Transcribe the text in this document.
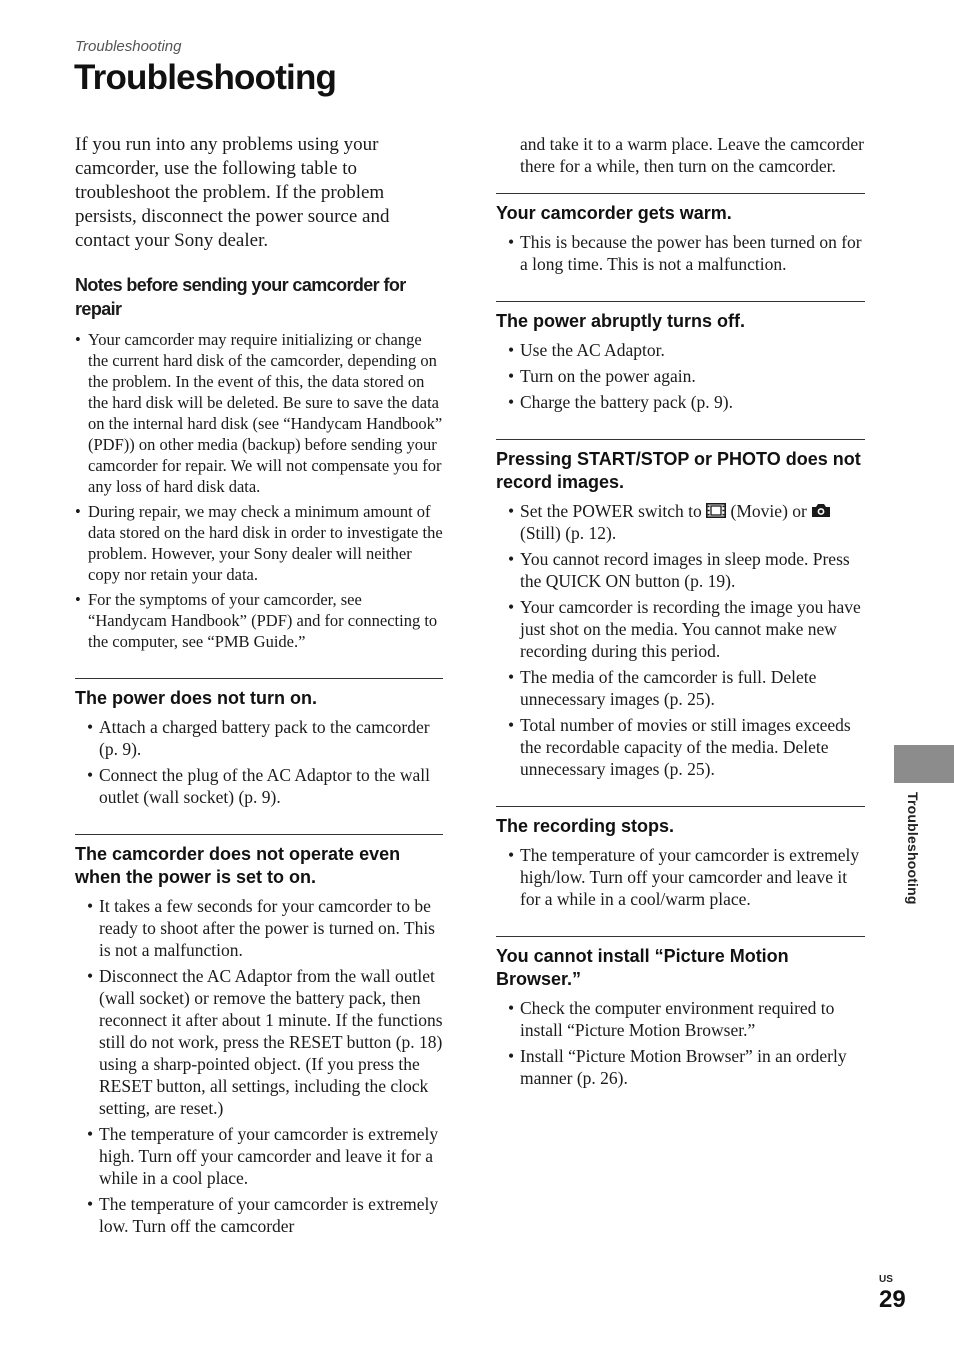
Troubleshooting
Troubleshooting

If you run into any problems using your camcorder, use the following table to troubleshoot the problem. If the problem persists, disconnect the power source and contact your Sony dealer.

Notes before sending your camcorder for repair
• Your camcorder may require initializing or change the current hard disk of the camcorder, depending on the problem. In the event of this, the data stored on the hard disk will be deleted. Be sure to save the data on the internal hard disk (see “Handycam Handbook” (PDF)) on other media (backup) before sending your camcorder for repair. We will not compensate you for any loss of hard disk data.
• During repair, we may check a minimum amount of data stored on the hard disk in order to investigate the problem. However, your Sony dealer will neither copy nor retain your data.
• For the symptoms of your camcorder, see “Handycam Handbook” (PDF) and for connecting to the computer, see “PMB Guide.”
The power does not turn on.
• Attach a charged battery pack to the camcorder (p. 9).
• Connect the plug of the AC Adaptor to the wall outlet (wall socket) (p. 9).
The camcorder does not operate even when the power is set to on.
• It takes a few seconds for your camcorder to be ready to shoot after the power is turned on. This is not a malfunction.
• Disconnect the AC Adaptor from the wall outlet (wall socket) or remove the battery pack, then reconnect it after about 1 minute. If the functions still do not work, press the RESET button (p. 18) using a sharp-pointed object. (If you press the RESET button, all settings, including the clock setting, are reset.)
• The temperature of your camcorder is extremely high. Turn off your camcorder and leave it for a while in a cool place.
• The temperature of your camcorder is extremely low. Turn off the camcorder

and take it to a warm place. Leave the camcorder there for a while, then turn on the camcorder.

Your camcorder gets warm.
• This is because the power has been turned on for a long time. This is not a malfunction.
The power abruptly turns off.
• Use the AC Adaptor.
• Turn on the power again.
• Charge the battery pack (p. 9).
Pressing START/STOP or PHOTO does not record images.
• Set the POWER switch to (Movie) or
(Still) (p. 12).
• You cannot record images in sleep mode. Press the QUICK ON button (p. 19).
• Your camcorder is recording the image you have just shot on the media. You cannot make new recording during this period.
• The media of the camcorder is full. Delete unnecessary images (p. 25).
• Total number of movies or still images exceeds the recordable capacity of the media. Delete unnecessary images (p. 25).
The recording stops.
• The temperature of your camcorder is extremely high/low. Turn off your camcorder and leave it for a while in a cool/warm place.
You cannot install “Picture Motion Browser.”
• Check the computer environment required to install “Picture Motion Browser.”
• Install “Picture Motion Browser” in an orderly manner (p. 26).
Troubleshooting
US
29
